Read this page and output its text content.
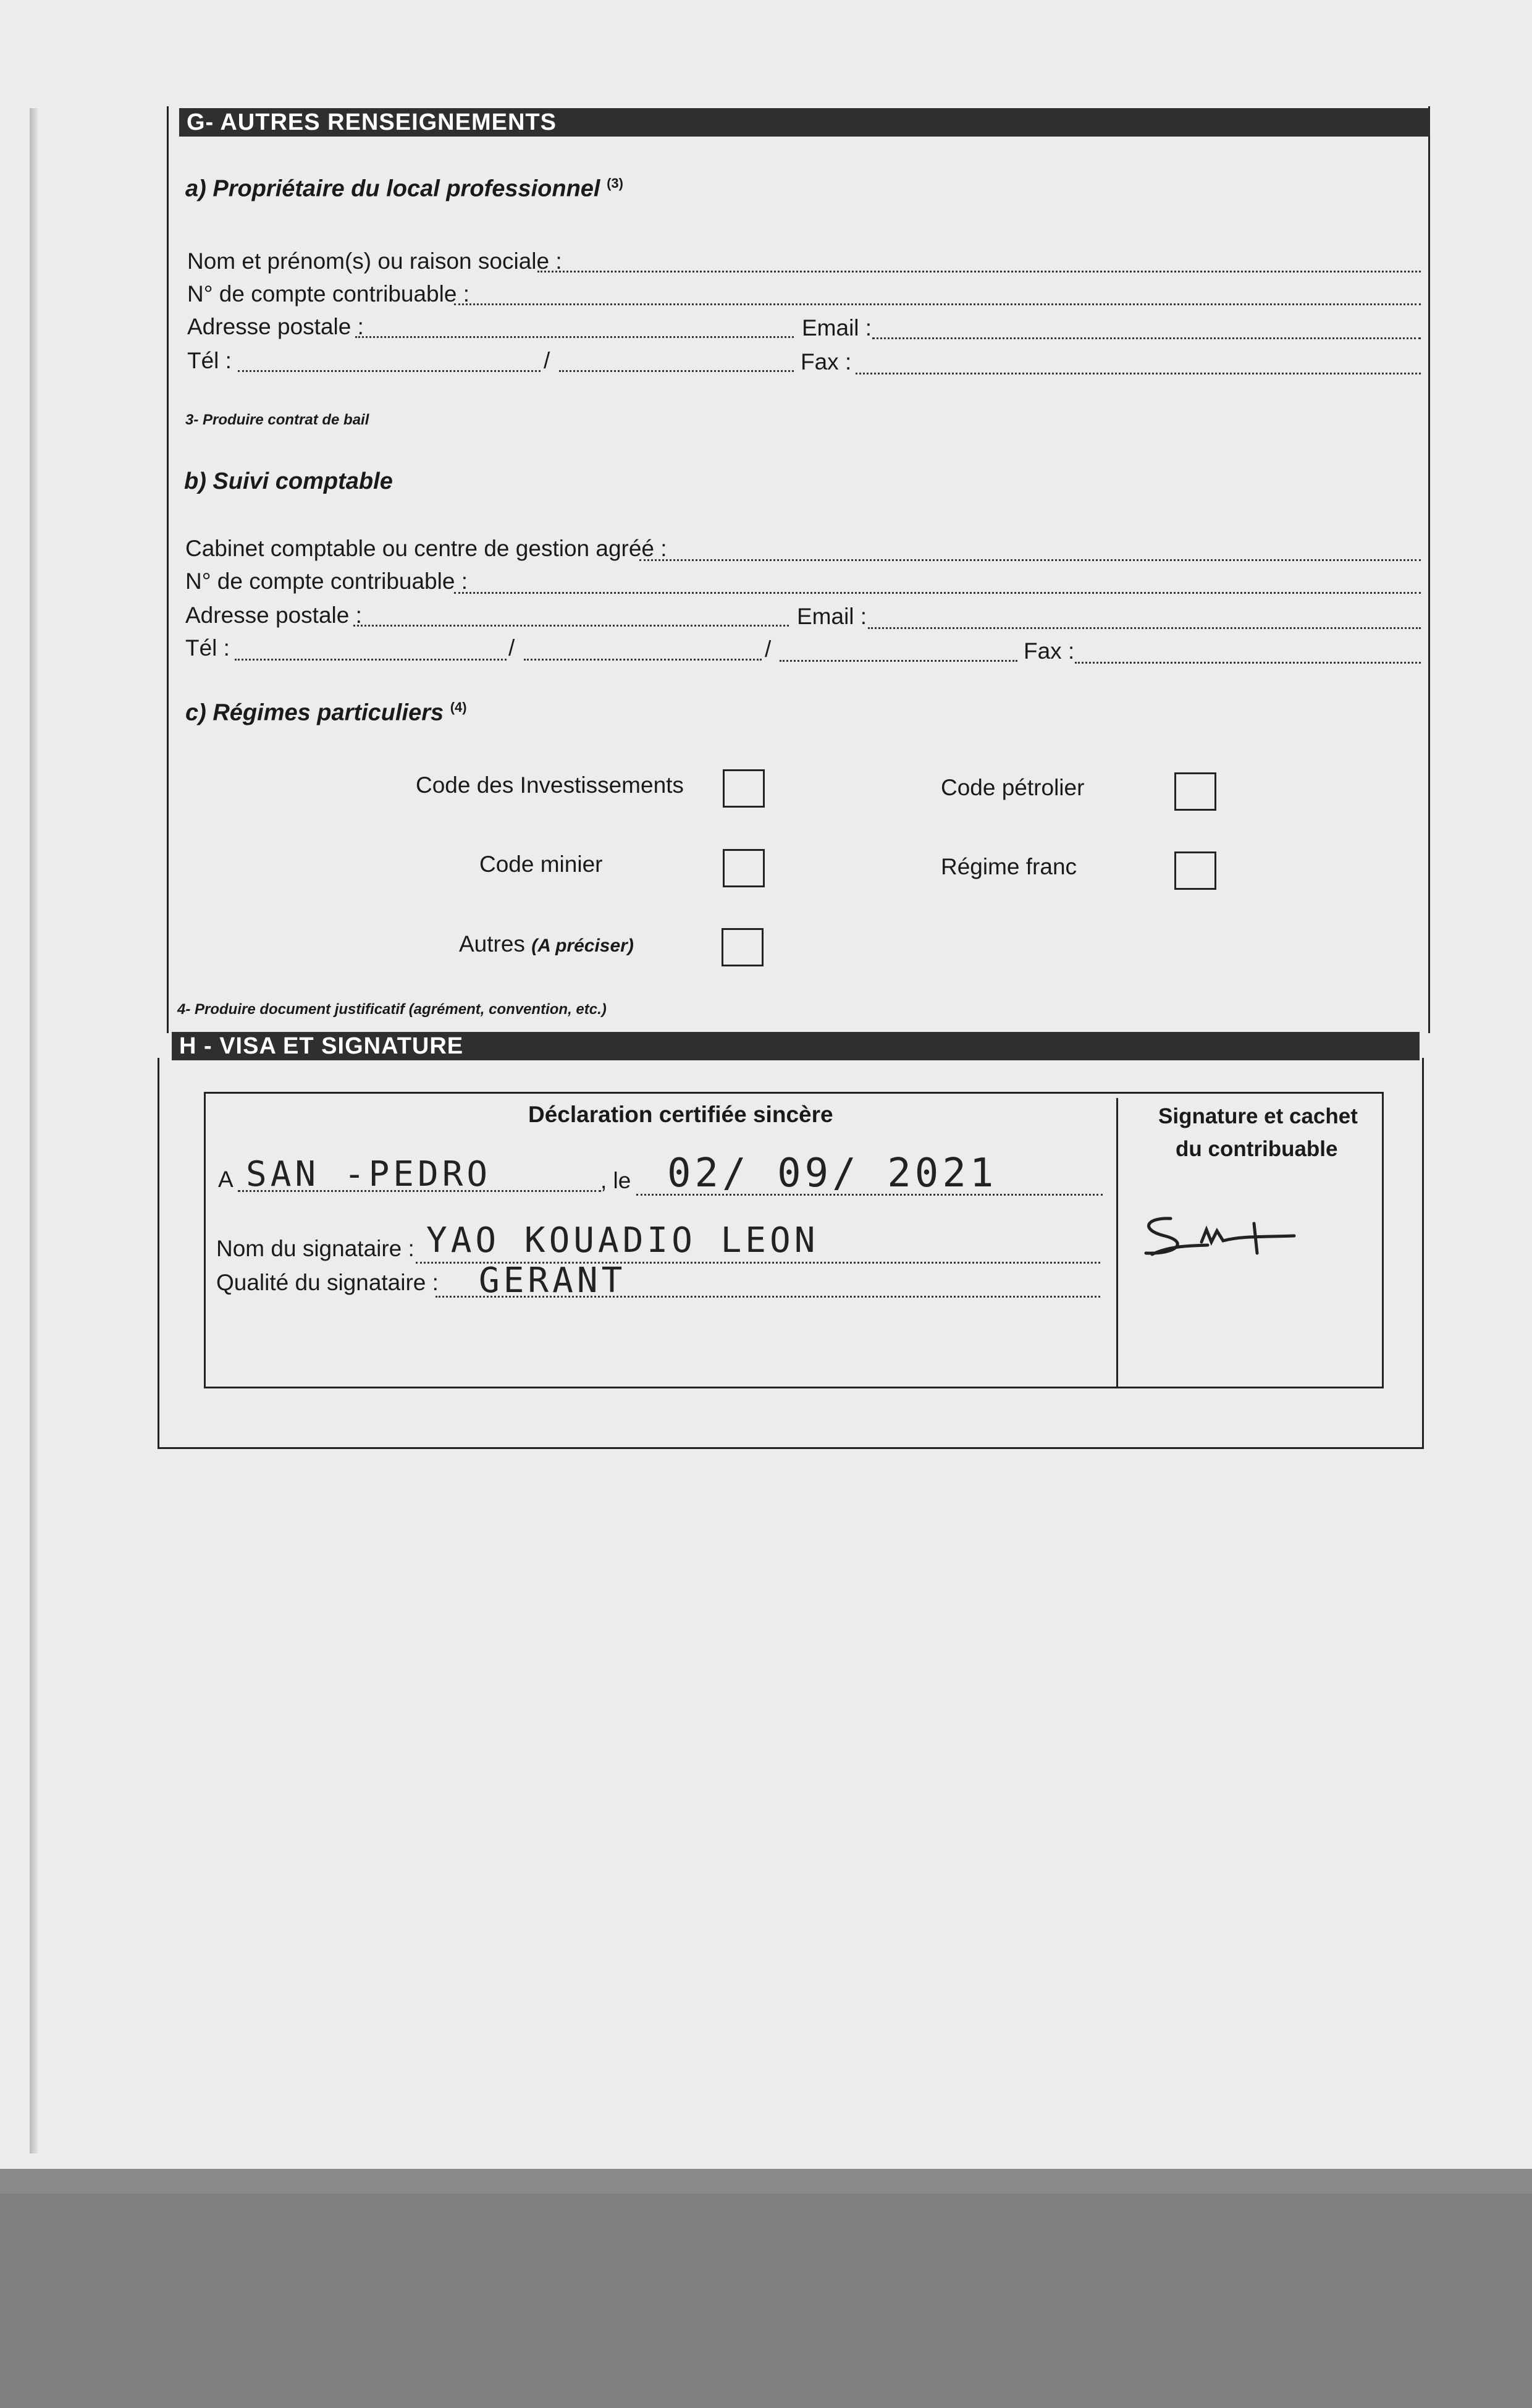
G- AUTRES RENSEIGNEMENTS
a) Propriétaire du local professionnel $^{(3)}$
Nom et prénom(s) ou raison sociale :
N° de compte contribuable :
Adresse postale :	Email :
Tél :	/	Fax :
3- Produire contrat de bail
b) Suivi comptable
Cabinet comptable ou centre de gestion agréé :
N° de compte contribuable :
Adresse postale :	Email :
Tél :	/	/	Fax :
c) Régimes particuliers $^{(4)}$
Code des Investissements	Code pétrolier
Code minier	Régime franc
Autres (A préciser)
4- Produire document justificatif (agrément, convention, etc.)
H - VISA ET SIGNATURE
Déclaration certifiée sincère
A SAN -PEDRO	, le 02/ 09/ 2021
Nom du signataire : YAO KOUADIO LEON
Qualité du signataire : GERANT
Signature et cachet
du contribuable
